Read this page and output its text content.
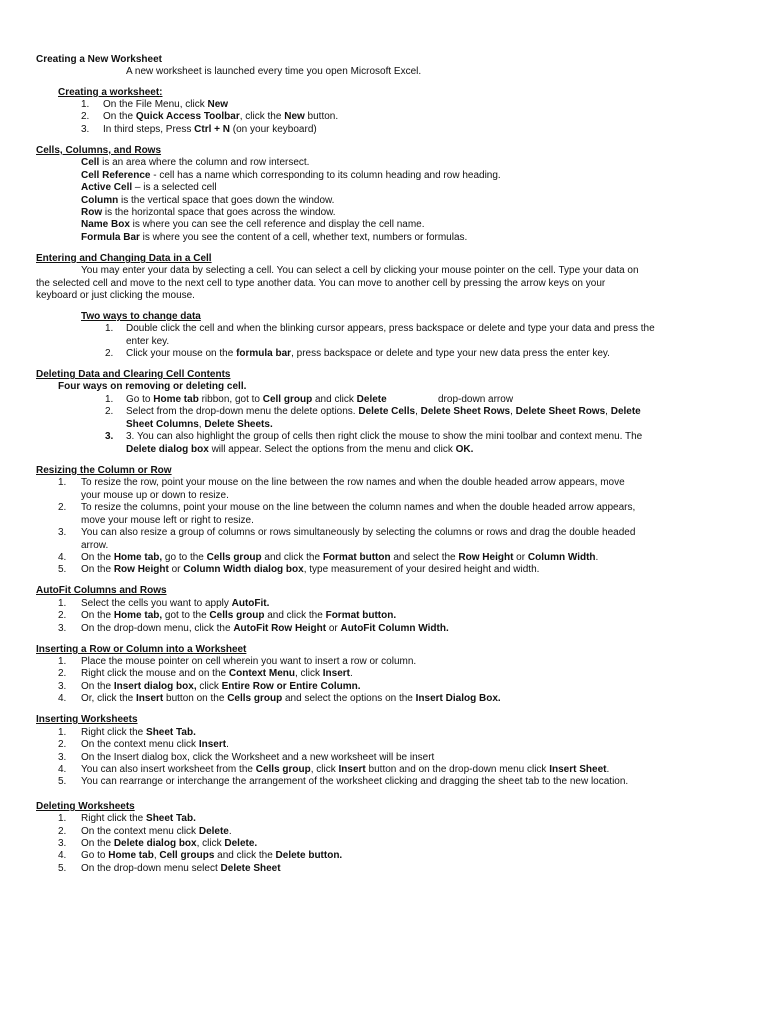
Creating a New Worksheet
A new worksheet is launched every time you open Microsoft Excel.
Creating a worksheet:
1. On the File Menu, click New
2. On the Quick Access Toolbar, click the New button.
3. In third steps, Press Ctrl + N (on your keyboard)
Cells, Columns, and Rows
Cell is an area where the column and row intersect.
Cell Reference - cell has a name which corresponding to its column heading and row heading.
Active Cell – is a selected cell
Column is the vertical space that goes down the window.
Row is the horizontal space that goes across the window.
Name Box is where you can see the cell reference and display the cell name.
Formula Bar is where you see the content of a cell, whether text, numbers or formulas.
Entering and Changing Data in a Cell
You may enter your data by selecting a cell. You can select a cell by clicking your mouse pointer on the cell. Type your data on
the selected cell and move to the next cell to type another data. You can move to another cell by pressing the arrow keys on your
keyboard or just clicking the mouse.
Two ways to change data
1. Double click the cell and when the blinking cursor appears, press backspace or delete and type your data and press the
enter key.
2. Click your mouse on the formula bar, press backspace or delete and type your new data press the enter key.
Deleting Data and Clearing Cell Contents
Four ways on removing or deleting cell.
1. Go to Home tab ribbon, got to Cell group and click Delete	drop-down arrow
2. Select from the drop-down menu the delete options. Delete Cells, Delete Sheet Rows, Delete Sheet Rows, Delete
Sheet Columns, Delete Sheets.
3. 3. You can also highlight the group of cells then right click the mouse to show the mini toolbar and context menu. The
Delete dialog box will appear. Select the options from the menu and click OK.
Resizing the Column or Row
1. To resize the row, point your mouse on the line between the row names and when the double headed arrow appears, move
your mouse up or down to resize.
2. To resize the columns, point your mouse on the line between the column names and when the double headed arrow appears,
move your mouse left or right to resize.
3. You can also resize a group of columns or rows simultaneously by selecting the columns or rows and drag the double headed
arrow.
4. On the Home tab, go to the Cells group and click the Format button and select the Row Height or Column Width.
5. On the Row Height or Column Width dialog box, type measurement of your desired height and width.
AutoFit Columns and Rows
1. Select the cells you want to apply AutoFit.
2. On the Home tab, got to the Cells group and click the Format button.
3. On the drop-down menu, click the AutoFit Row Height or AutoFit Column Width.
Inserting a Row or Column into a Worksheet
1. Place the mouse pointer on cell wherein you want to insert a row or column.
2. Right click the mouse and on the Context Menu, click Insert.
3. On the Insert dialog box, click Entire Row or Entire Column.
4. Or, click the Insert button on the Cells group and select the options on the Insert Dialog Box.
Inserting Worksheets
1. Right click the Sheet Tab.
2. On the context menu click Insert.
3. On the Insert dialog box, click the Worksheet and a new worksheet will be insert
4. You can also insert worksheet from the Cells group, click Insert button and on the drop-down menu click Insert Sheet.
5. You can rearrange or interchange the arrangement of the worksheet clicking and dragging the sheet tab to the new location.
Deleting Worksheets
1. Right click the Sheet Tab.
2. On the context menu click Delete.
3. On the Delete dialog box, click Delete.
4. Go to Home tab, Cell groups and click the Delete button.
5. On the drop-down menu select Delete Sheet
